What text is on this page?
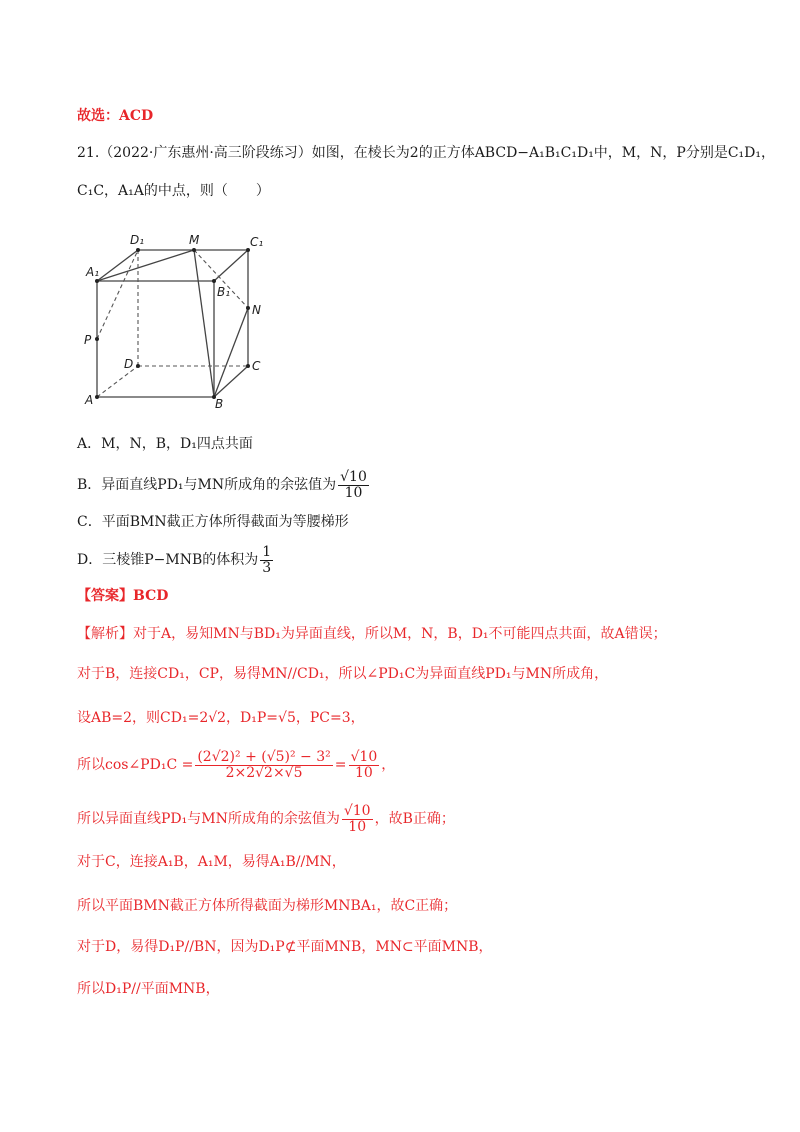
故选：ACD
21.（2022·广东惠州·高三阶段练习）如图，在棱长为2的正方体ABCD−A₁B₁C₁D₁中，M，N，P分别是C₁D₁，
C₁C，A₁A的中点，则（　　）
A	B
C
D
A₁
B₁
C₁
D₁	M
N
P
A．M，N，B，D₁四点共面
B．异面直线PD₁与MN所成角的余弦值为 $\frac{√10}{10}$
C．平面BMN截正方体所得截面为等腰梯形
D．三棱锥P−MNB的体积为 $\frac{1}{3}$
【答案】BCD
【解析】对于A，易知MN与BD₁为异面直线，所以M，N，B，D₁不可能四点共面，故A错误；
对于B，连接CD₁，CP，易得MN//CD₁，所以∠PD₁C为异面直线PD₁与MN所成角，
设AB=2，则CD₁=2√2，D₁P=√5，PC=3，
所以cos∠PD₁C = $\frac{\text{(2√2)² + (√5)² − 3²}}{2\times 2√2\times√5} = \frac{√10}{10}$ ，
所以异面直线PD₁与MN所成角的余弦值为 $\frac{√10}{10}$ ，故B正确；
对于C，连接A₁B，A₁M，易得A₁B//MN，
所以平面BMN截正方体所得截面为梯形MNBA₁，故C正确；
对于D，易得D₁P//BN，因为D₁P⊄平面MNB，MN⊂平面MNB，
所以D₁P//平面MNB，
